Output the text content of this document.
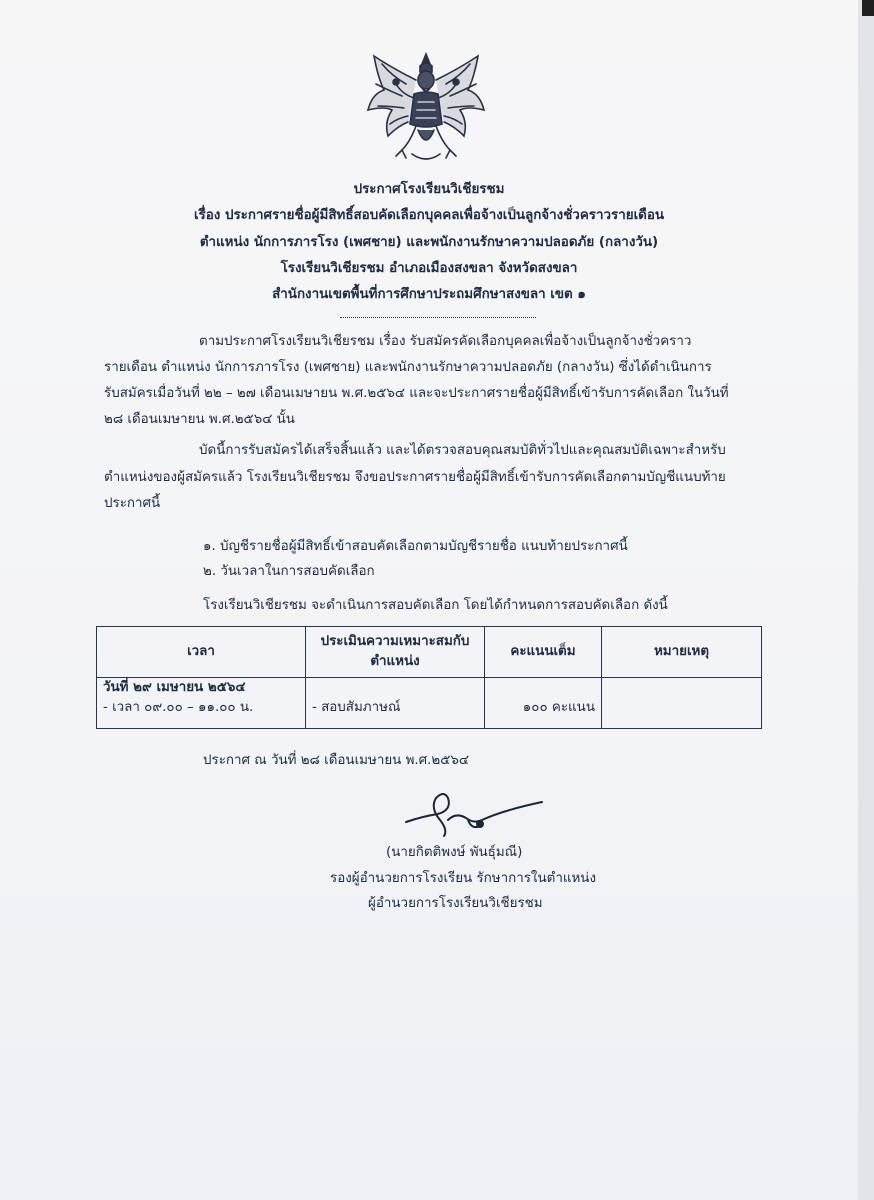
ประกาศโรงเรียนวิเชียรชม
เรื่อง ประกาศรายชื่อผู้มีสิทธิ์สอบคัดเลือกบุคคลเพื่อจ้างเป็นลูกจ้างชั่วคราวรายเดือน
ตำแหน่ง นักการภารโรง (เพศชาย) และพนักงานรักษาความปลอดภัย (กลางวัน)
โรงเรียนวิเชียรชม อำเภอเมืองสงขลา จังหวัดสงขลา
สำนักงานเขตพื้นที่การศึกษาประถมศึกษาสงขลา เขต ๑
ตามประกาศโรงเรียนวิเชียรชม เรื่อง รับสมัครคัดเลือกบุคคลเพื่อจ้างเป็นลูกจ้างชั่วคราว
รายเดือน ตำแหน่ง นักการภารโรง (เพศชาย) และพนักงานรักษาความปลอดภัย (กลางวัน) ซึ่งได้ดำเนินการ
รับสมัครเมื่อวันที่ ๒๒ – ๒๗ เดือนเมษายน พ.ศ.๒๕๖๔ และจะประกาศรายชื่อผู้มีสิทธิ์เข้ารับการคัดเลือก ในวันที่
๒๘ เดือนเมษายน พ.ศ.๒๕๖๔ นั้น
บัดนี้การรับสมัครได้เสร็จสิ้นแล้ว และได้ตรวจสอบคุณสมบัติทั่วไปและคุณสมบัติเฉพาะสำหรับ
ตำแหน่งของผู้สมัครแล้ว โรงเรียนวิเชียรชม จึงขอประกาศรายชื่อผู้มีสิทธิ์เข้ารับการคัดเลือกตามบัญชีแนบท้าย
ประกาศนี้
๑. บัญชีรายชื่อผู้มีสิทธิ์เข้าสอบคัดเลือกตามบัญชีรายชื่อ แนบท้ายประกาศนี้
๒. วันเวลาในการสอบคัดเลือก
โรงเรียนวิเชียรชม จะดำเนินการสอบคัดเลือก โดยได้กำหนดการสอบคัดเลือก ดังนี้
เวลา	ประเมินความเหมาะสมกับ ตำแหน่ง	คะแนนเต็ม	หมายเหตุ

วันที่ ๒๙ เมษายน ๒๕๖๔
- เวลา ๐๙.๐๐ – ๑๑.๐๐ น.	- สอบสัมภาษณ์	๑๐๐ คะแนน	

ประกาศ ณ วันที่ ๒๘ เดือนเมษายน พ.ศ.๒๕๖๔
(นายกิตติพงษ์ พันธุ์มณี)
รองผู้อำนวยการโรงเรียน รักษาการในตำแหน่ง
ผู้อำนวยการโรงเรียนวิเชียรชม
